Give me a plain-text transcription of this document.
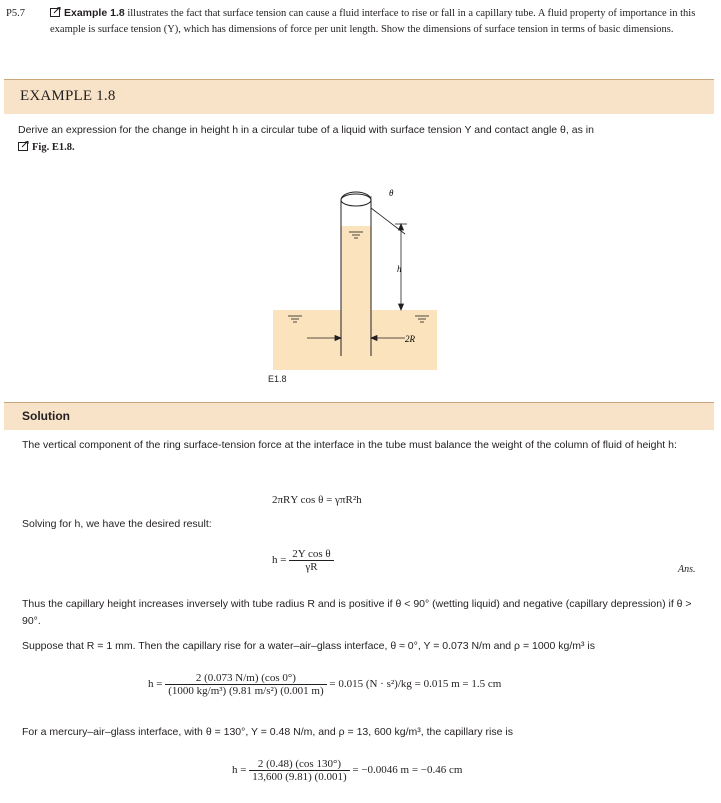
P5.7	Example 1.8 illustrates the fact that surface tension can cause a fluid interface to rise or fall in a capillary tube. A fluid property of importance in this example is surface tension (Υ), which has dimensions of force per unit length. Show the dimensions of surface tension in terms of basic dimensions.
EXAMPLE 1.8
Derive an expression for the change in height h in a circular tube of a liquid with surface tension Υ and contact angle θ, as in
Fig. E1.8.
θ
h
2R
E1.8
Solution
The vertical component of the ring surface-tension force at the interface in the tube must balance the weight of the column of fluid of height h:
2πRΥ cos θ = γπR²h
Solving for h, we have the desired result:
$h = \frac{\text{2Υ cos θ}}{\gamma R}$	Ans.
Thus the capillary height increases inversely with tube radius R and is positive if θ < 90° (wetting liquid) and negative (capillary depression) if θ > 90°.
Suppose that R = 1 mm. Then the capillary rise for a water–air–glass interface, θ ≈ 0°, Υ = 0.073 N/m and ρ = 1000 kg/m³ is
$h = \frac{2 (0.073 N/m) (\cos 0^\circ)}{\text{(1000 kg/m³) (9.81 m/s²) (0.001 m)}} = 0.015$ (N · s²)/kg = 0.015 m = 1.5 cm
For a mercury–air–glass interface, with θ = 130°, Υ = 0.48 N/m, and ρ = 13, 600 kg/m³, the capillary rise is
$h = \frac{2 (0.48) (\cos 130^\circ)}{13,600 (9.81) (0.001)} = -0.0046$ m = −0.46 cm
